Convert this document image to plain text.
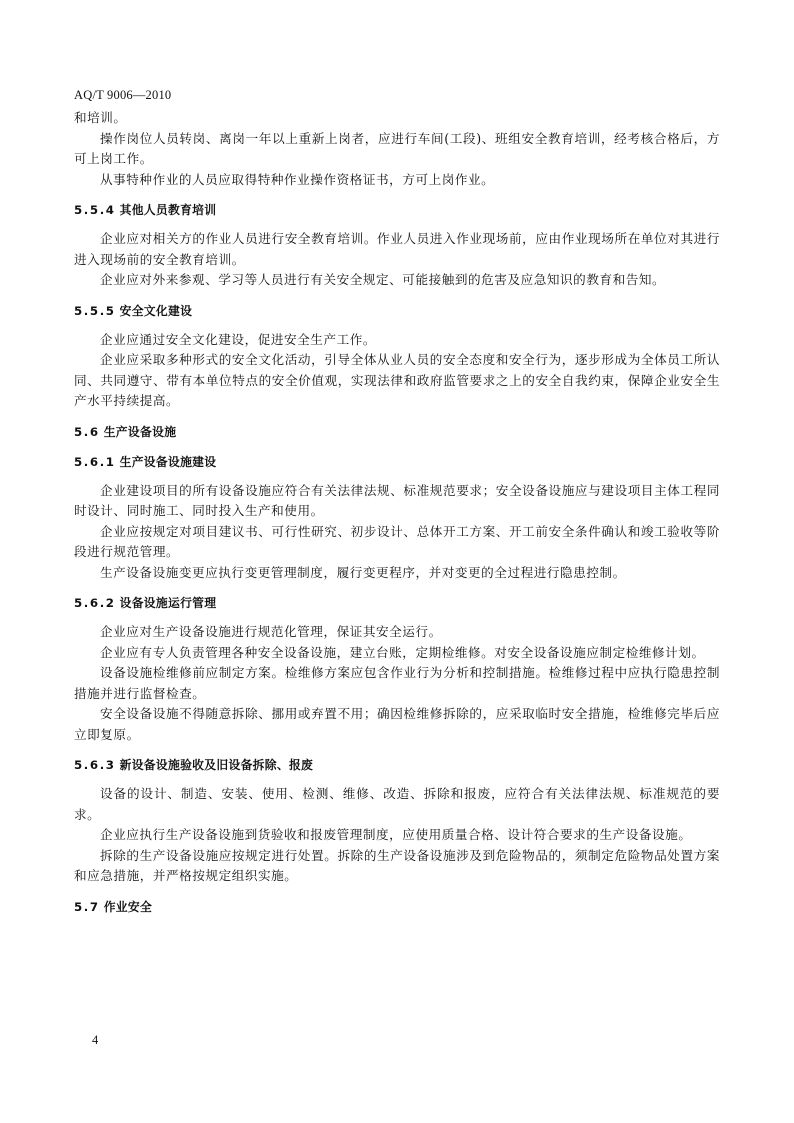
AQ/T 9006—2010

和培训。

操作岗位人员转岗、离岗一年以上重新上岗者，应进行车间(工段)、班组安全教育培训，经考核合格后，方可上岗工作。

从事特种作业的人员应取得特种作业操作资格证书，方可上岗作业。

5.5.4 其他人员教育培训

企业应对相关方的作业人员进行安全教育培训。作业人员进入作业现场前，应由作业现场所在单位对其进行进入现场前的安全教育培训。

企业应对外来参观、学习等人员进行有关安全规定、可能接触到的危害及应急知识的教育和告知。

5.5.5 安全文化建设

企业应通过安全文化建设，促进安全生产工作。

企业应采取多种形式的安全文化活动，引导全体从业人员的安全态度和安全行为，逐步形成为全体员工所认同、共同遵守、带有本单位特点的安全价值观，实现法律和政府监管要求之上的安全自我约束，保障企业安全生产水平持续提高。

5.6 生产设备设施
5.6.1 生产设备设施建设

企业建设项目的所有设备设施应符合有关法律法规、标准规范要求；安全设备设施应与建设项目主体工程同时设计、同时施工、同时投入生产和使用。

企业应按规定对项目建议书、可行性研究、初步设计、总体开工方案、开工前安全条件确认和竣工验收等阶段进行规范管理。

生产设备设施变更应执行变更管理制度，履行变更程序，并对变更的全过程进行隐患控制。

5.6.2 设备设施运行管理

企业应对生产设备设施进行规范化管理，保证其安全运行。

企业应有专人负责管理各种安全设备设施，建立台账，定期检维修。对安全设备设施应制定检维修计划。

设备设施检维修前应制定方案。检维修方案应包含作业行为分析和控制措施。检维修过程中应执行隐患控制措施并进行监督检查。

安全设备设施不得随意拆除、挪用或弃置不用；确因检维修拆除的，应采取临时安全措施，检维修完毕后应立即复原。

5.6.3 新设备设施验收及旧设备拆除、报废

设备的设计、制造、安装、使用、检测、维修、改造、拆除和报废，应符合有关法律法规、标准规范的要求。

企业应执行生产设备设施到货验收和报废管理制度，应使用质量合格、设计符合要求的生产设备设施。

拆除的生产设备设施应按规定进行处置。拆除的生产设备设施涉及到危险物品的，须制定危险物品处置方案和应急措施，并严格按规定组织实施。

5.7 作业安全
4
